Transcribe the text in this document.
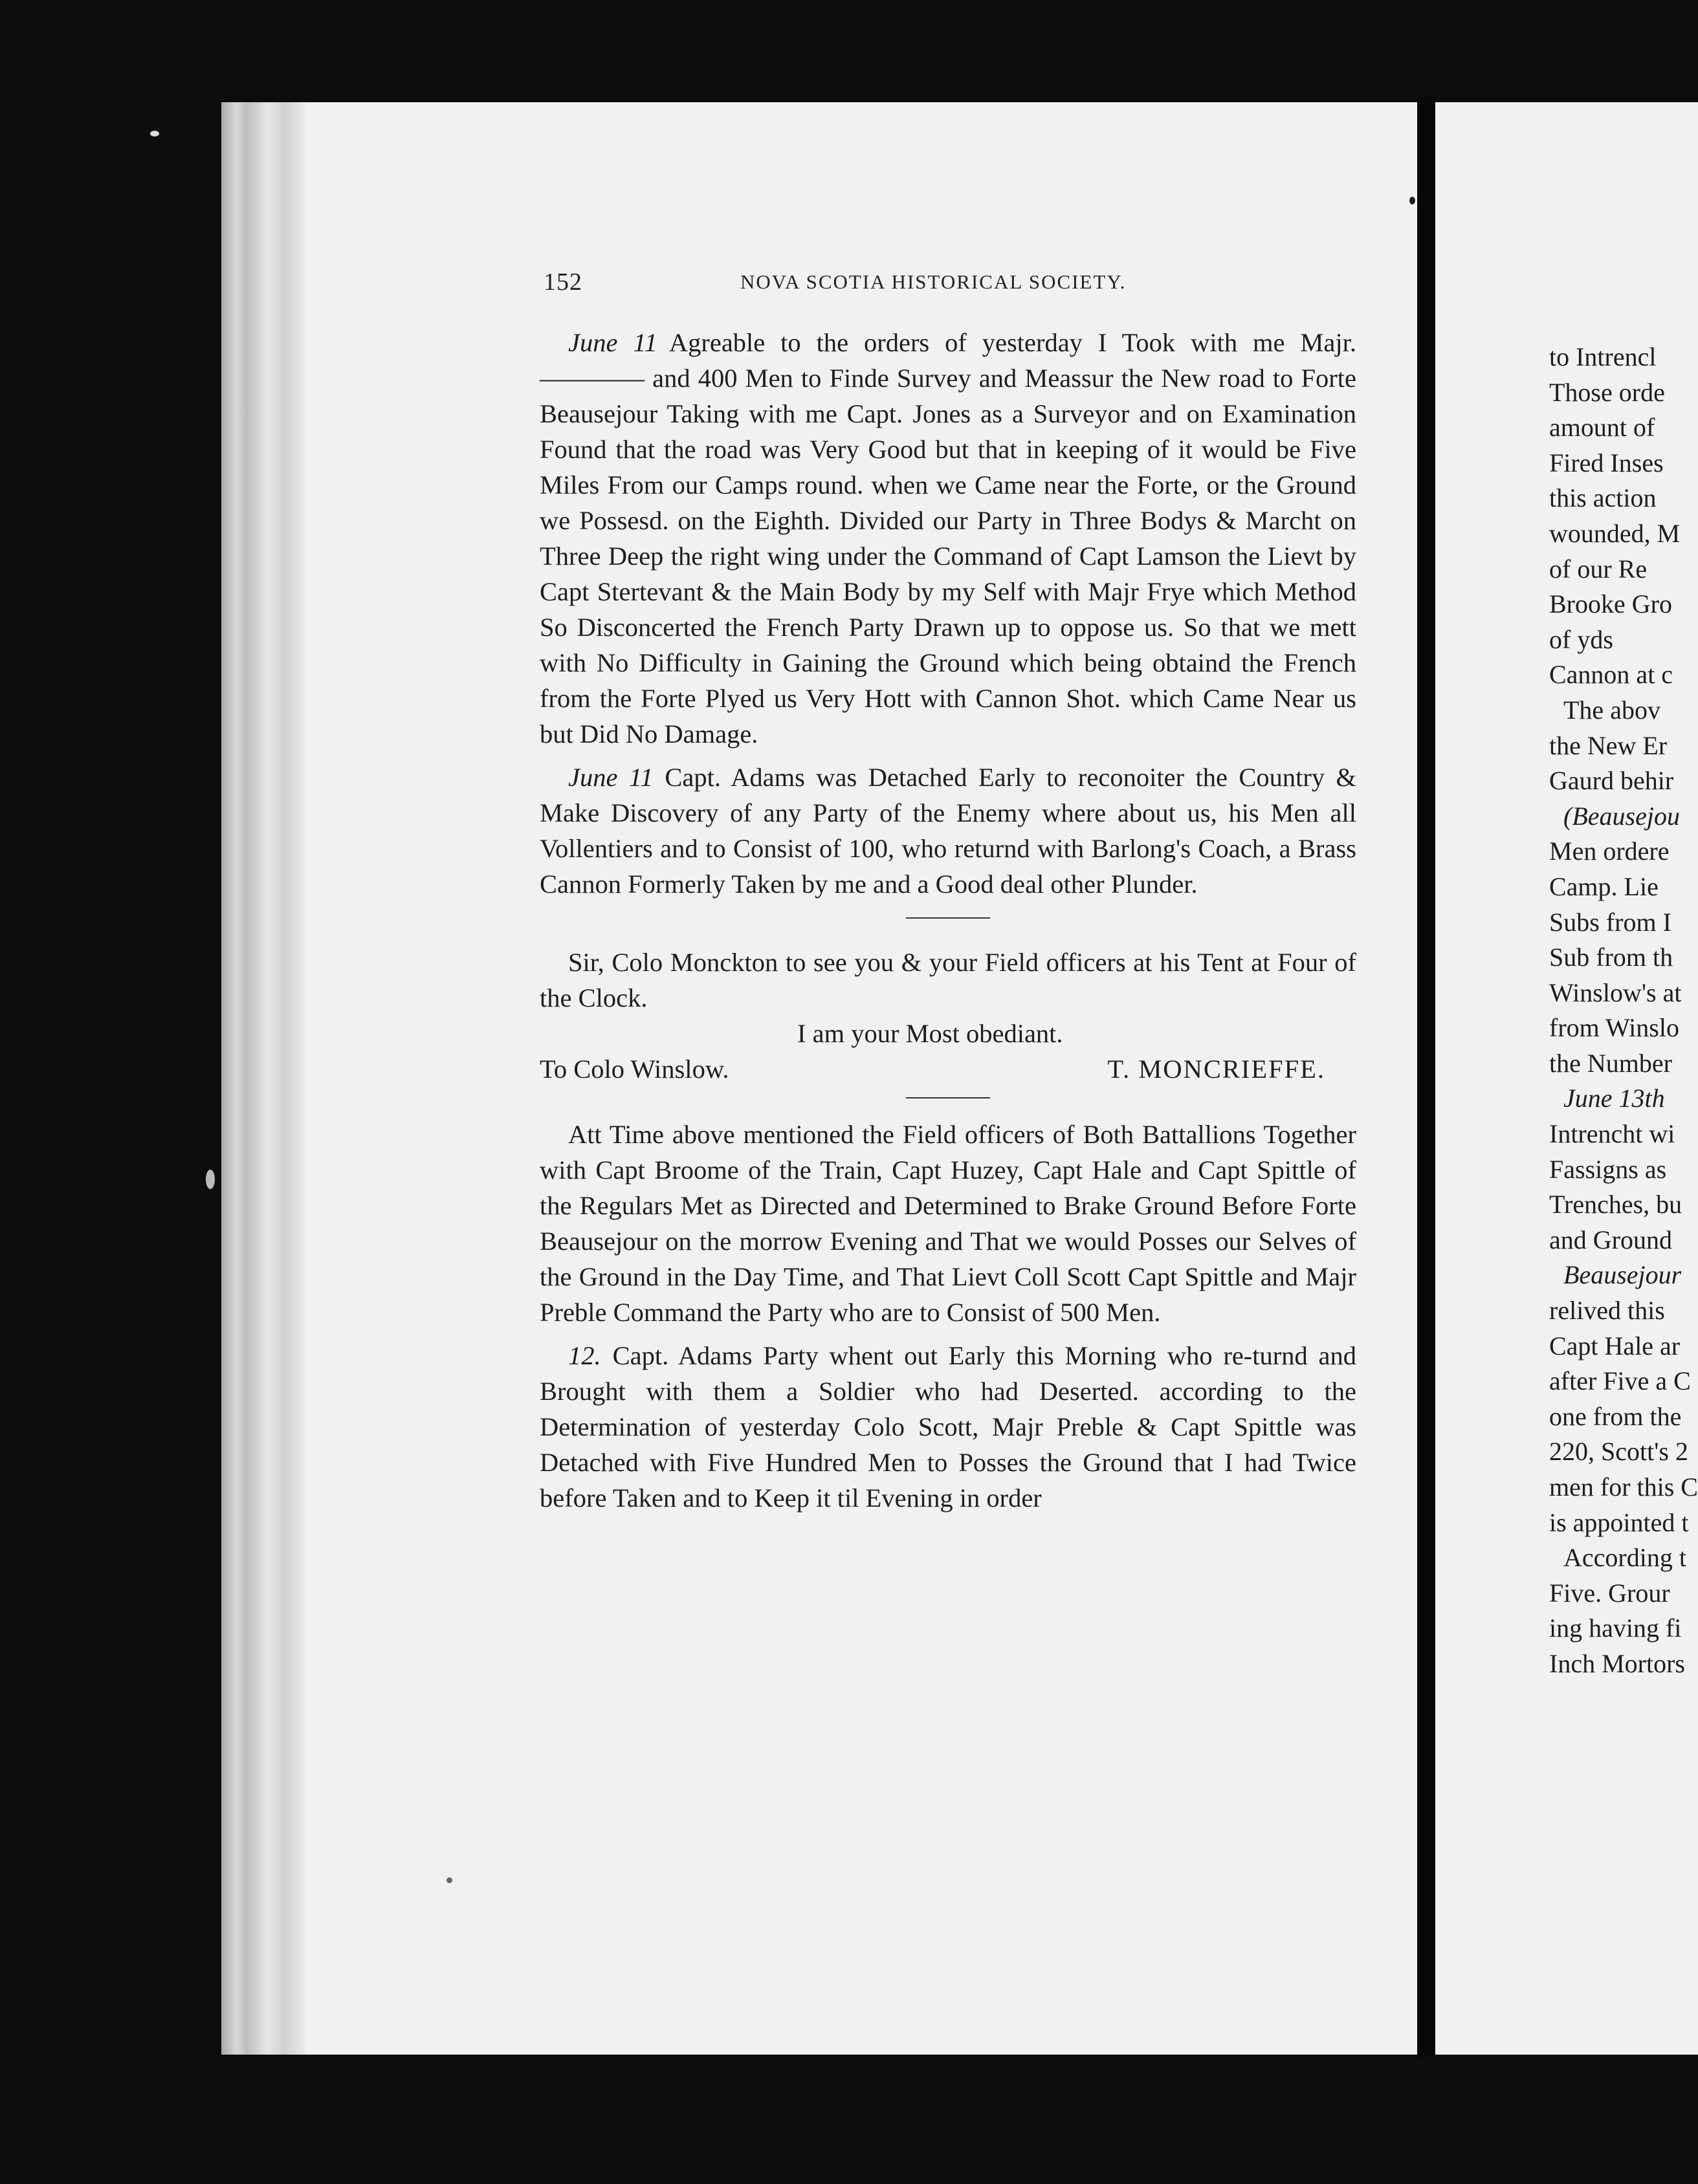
152	NOVA SCOTIA HISTORICAL SOCIETY.

June 11 Agreable to the orders of yesterday I Took with me Majr. ———— and 400 Men to Finde Survey and Meassur the New road to Forte Beausejour Taking with me Capt. Jones as a Surveyor and on Examination Found that the road was Very Good but that in keeping of it would be Five Miles From our Camps round. when we Came near the Forte, or the Ground we Possesd. on the Eighth. Divided our Party in Three Bodys & Marcht on Three Deep the right wing under the Command of Capt Lamson the Lievt by Capt Stertevant & the Main Body by my Self with Majr Frye which Method So Disconcerted the French Party Drawn up to oppose us. So that we mett with No Difficulty in Gaining the Ground which being obtaind the French from the Forte Plyed us Very Hott with Cannon Shot. which Came Near us but Did No Damage.

June 11 Capt. Adams was Detached Early to reconoiter the Country & Make Discovery of any Party of the Enemy where about us, his Men all Vollentiers and to Consist of 100, who returnd with Barlong's Coach, a Brass Cannon Formerly Taken by me and a Good deal other Plunder.

Sir, Colo Monckton to see you & your Field officers at his Tent at Four of the Clock.

I am your Most obediant.

To Colo Winslow.	T. MONCRIEFFE.

Att Time above mentioned the Field officers of Both Battallions Together with Capt Broome of the Train, Capt Huzey, Capt Hale and Capt Spittle of the Regulars Met as Directed and Determined to Brake Ground Before Forte Beausejour on the morrow Evening and That we would Posses our Selves of the Ground in the Day Time, and That Lievt Coll Scott Capt Spittle and Majr Preble Command the Party who are to Consist of 500 Men.

12. Capt. Adams Party whent out Early this Morning who re-turnd and Brought with them a Soldier who had Deserted. according to the Determination of yesterday Colo Scott, Majr Preble & Capt Spittle was Detached with Five Hundred Men to Posses the Ground that I had Twice before Taken and to Keep it til Evening in order

to Intrencl
Those orde
amount of
Fired Inses
this action
wounded, M
of our Re
Brooke Gro
of yds
Cannon at c
The abov
the New Er
Gaurd behir
(Beausejou
Men ordere
Camp. Lie
Subs from I
Sub from th
Winslow's at
from Winslo
the Number
June 13th
Intrencht wi
Fassigns as
Trenches, bu
and Ground
Beausejour
relived this
Capt Hale ar
after Five a C
one from the
220, Scott's 2
men for this C
is appointed t
According t
Five. Grour
ing having fi
Inch Mortors
